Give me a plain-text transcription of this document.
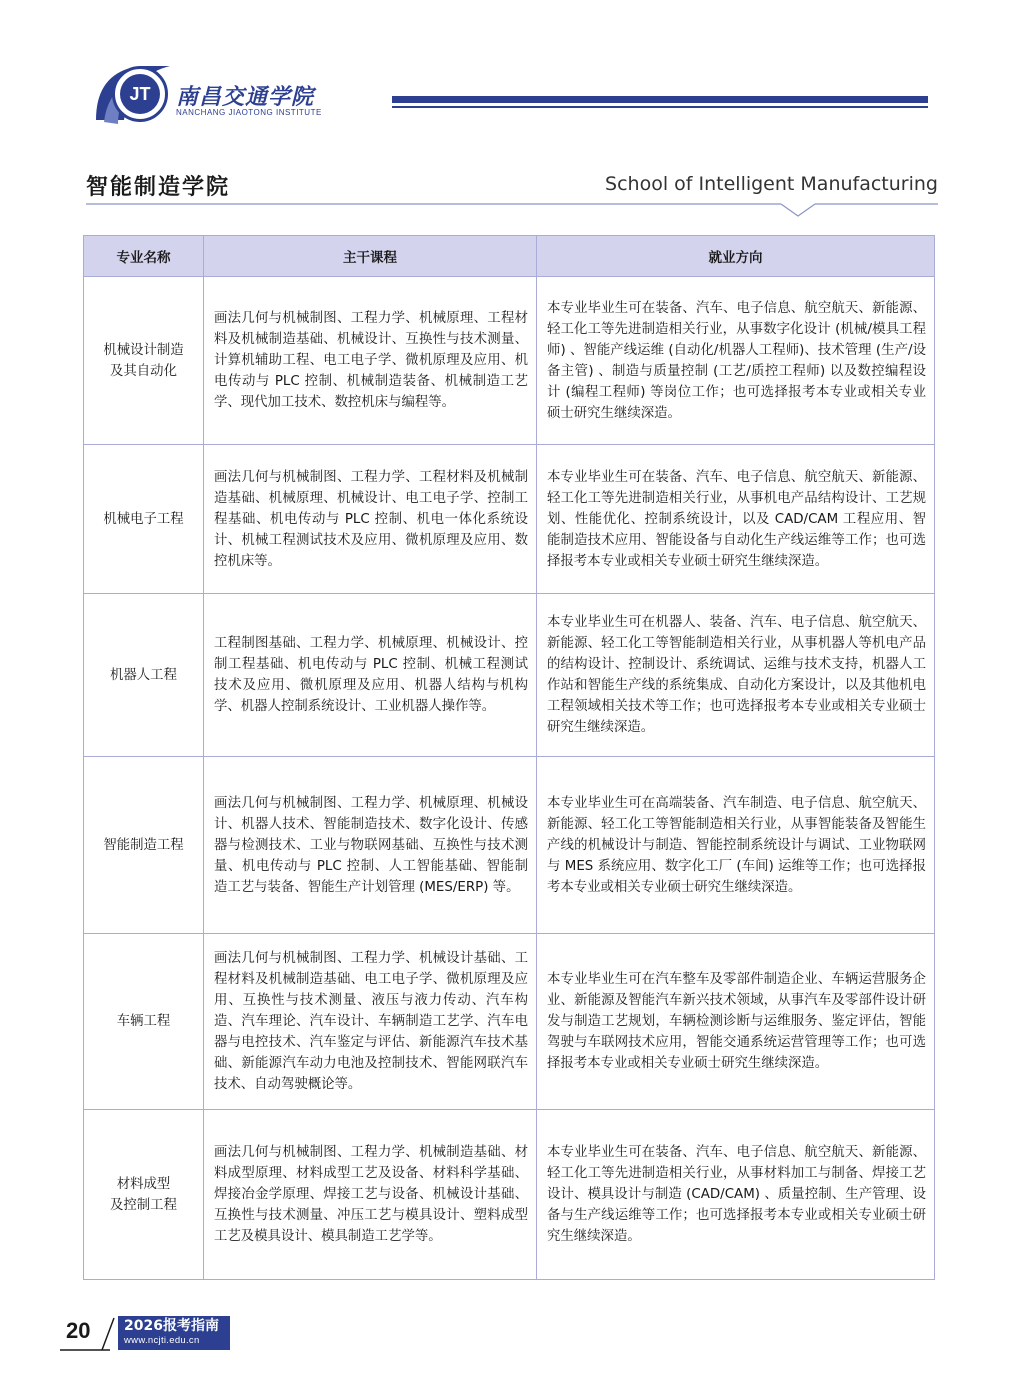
JT	南昌交通学院
NANCHANG JIAOTONG INSTITUTE
智能制造学院	School of Intelligent Manufacturing
专业名称	主干课程	就业方向
机械设计制造
及其自动化	画法几何与机械制图、工程力学、机械原理、工程材料及机械制造基础、机械设计、互换性与技术测量、计算机辅助工程、电工电子学、微机原理及应用、机电传动与 PLC 控制、机械制造装备、机械制造工艺学、现代加工技术、数控机床与编程等。	本专业毕业生可在装备、汽车、电子信息、航空航天、新能源、轻工化工等先进制造相关行业，从事数字化设计 (机械/模具工程师) 、智能产线运维 (自动化/机器人工程师)、技术管理 (生产/设备主管) 、制造与质量控制 (工艺/质控工程师) 以及数控编程设计 (编程工程师) 等岗位工作；也可选择报考本专业或相关专业硕士研究生继续深造。
机械电子工程	画法几何与机械制图、工程力学、工程材料及机械制造基础、机械原理、机械设计、电工电子学、控制工程基础、机电传动与 PLC 控制、机电一体化系统设计、机械工程测试技术及应用、微机原理及应用、数控机床等。	本专业毕业生可在装备、汽车、电子信息、航空航天、新能源、轻工化工等先进制造相关行业，从事机电产品结构设计、工艺规划、性能优化、控制系统设计，以及 CAD/CAM 工程应用、智能制造技术应用、智能设备与自动化生产线运维等工作；也可选择报考本专业或相关专业硕士研究生继续深造。
机器人工程	工程制图基础、工程力学、机械原理、机械设计、控制工程基础、机电传动与 PLC 控制、机械工程测试技术及应用、微机原理及应用、机器人结构与机构学、机器人控制系统设计、工业机器人操作等。	本专业毕业生可在机器人、装备、汽车、电子信息、航空航天、新能源、轻工化工等智能制造相关行业，从事机器人等机电产品的结构设计、控制设计、系统调试、运维与技术支持，机器人工作站和智能生产线的系统集成、自动化方案设计，以及其他机电工程领域相关技术等工作；也可选择报考本专业或相关专业硕士研究生继续深造。
智能制造工程	画法几何与机械制图、工程力学、机械原理、机械设计、机器人技术、智能制造技术、数字化设计、传感器与检测技术、工业与物联网基础、互换性与技术测量、机电传动与 PLC 控制、人工智能基础、智能制造工艺与装备、智能生产计划管理 (MES/ERP) 等。	本专业毕业生可在高端装备、汽车制造、电子信息、航空航天、新能源、轻工化工等智能制造相关行业，从事智能装备及智能生产线的机械设计与制造、智能控制系统设计与调试、工业物联网与 MES 系统应用、数字化工厂 (车间) 运维等工作；也可选择报考本专业或相关专业硕士研究生继续深造。
车辆工程	画法几何与机械制图、工程力学、机械设计基础、工程材料及机械制造基础、电工电子学、微机原理及应用、互换性与技术测量、液压与液力传动、汽车构造、汽车理论、汽车设计、车辆制造工艺学、汽车电器与电控技术、汽车鉴定与评估、新能源汽车技术基础、新能源汽车动力电池及控制技术、智能网联汽车技术、自动驾驶概论等。	本专业毕业生可在汽车整车及零部件制造企业、车辆运营服务企业、新能源及智能汽车新兴技术领域，从事汽车及零部件设计研发与制造工艺规划，车辆检测诊断与运维服务、鉴定评估，智能驾驶与车联网技术应用，智能交通系统运营管理等工作；也可选择报考本专业或相关专业硕士研究生继续深造。
材料成型
及控制工程	画法几何与机械制图、工程力学、机械制造基础、材料成型原理、材料成型工艺及设备、材料科学基础、焊接冶金学原理、焊接工艺与设备、机械设计基础、互换性与技术测量、冲压工艺与模具设计、塑料成型工艺及模具设计、模具制造工艺学等。	本专业毕业生可在装备、汽车、电子信息、航空航天、新能源、轻工化工等先进制造相关行业，从事材料加工与制备、焊接工艺设计、模具设计与制造 (CAD/CAM) 、质量控制、生产管理、设备与生产线运维等工作；也可选择报考本专业或相关专业硕士研究生继续深造。
20 2026报考指南
www.ncjti.edu.cn
